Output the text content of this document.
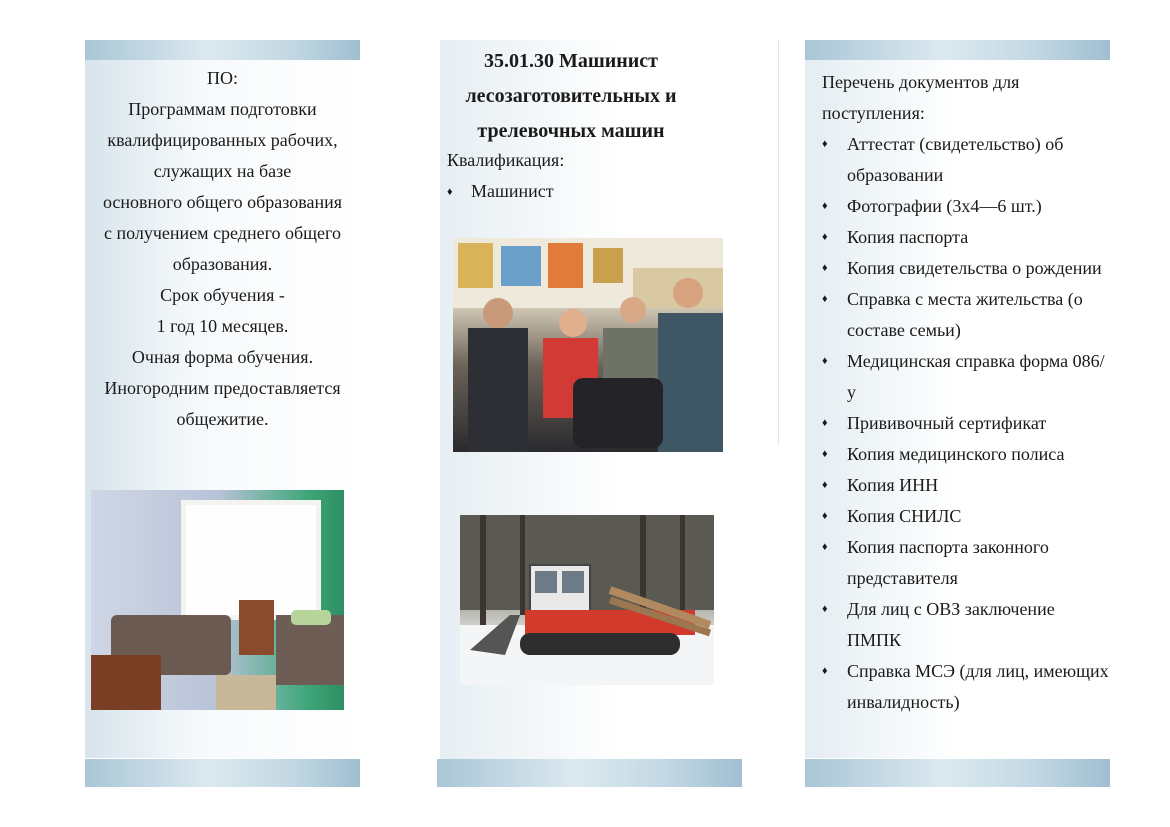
ПО:
Программам подготовки
квалифицированных рабочих,
служащих на базе
основного общего образования
с получением среднего общего
образования.
Срок обучения -
1 год 10 месяцев.
Очная форма обучения.
Иногородним предоставляется
общежитие.
35.01.30 Машинист
лесозаготовительных и
трелевочных машин
Квалификация:
♦ Машинист
Перечень документов для
поступления:
♦	Аттестат (свидетельство) об образовании
♦	Фотографии (3х4—6 шт.)
♦	Копия паспорта
♦	Копия свидетельства о рождении
♦	Справка с места жительства (о составе семьи)
♦	Медицинская справка форма 086/у
♦	Прививочный сертификат
♦	Копия медицинского полиса
♦	Копия ИНН
♦	Копия СНИЛС
♦	Копия паспорта законного представителя
♦	Для лиц с ОВЗ заключение ПМПК
♦	Справка МСЭ (для лиц, имеющих инвалидность)
